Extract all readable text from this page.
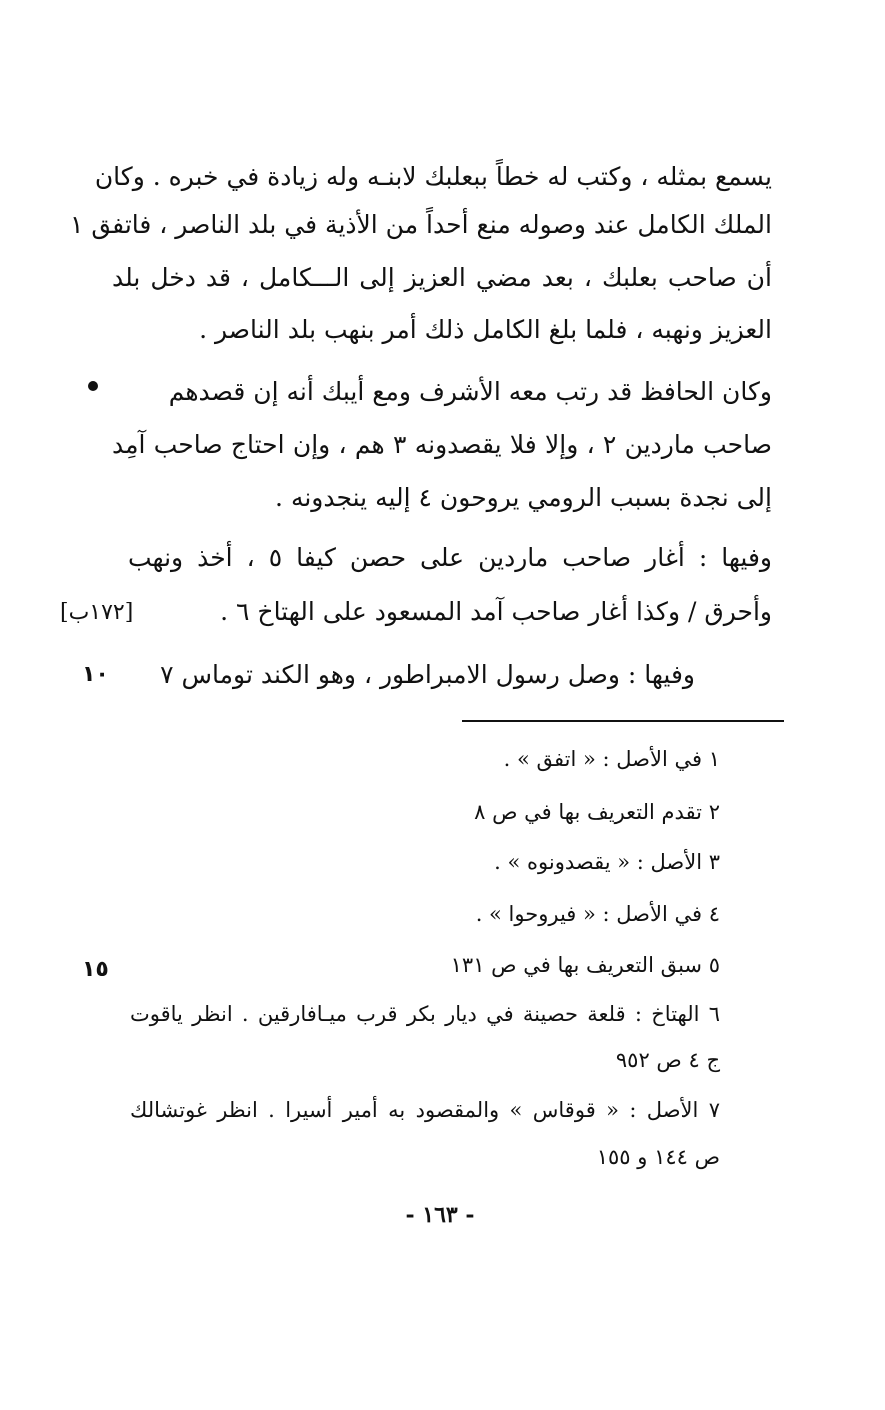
يسمع بمثله ، وكتب له خطاً ببعلبك لابنـه وله زيادة في خبره . وكان
الملك الكامل عند وصوله منع أحداً من الأذية في بلد الناصر ، فاتفق ١
أن صاحب بعلبك ، بعد مضي العزيز إلى الـــكامل ، قد دخل بلد
العزيز ونهبه ، فلما بلغ الكامل ذلك أمر بنهب بلد الناصر .
وكان الحافظ قد رتب معه الأشرف ومع أيبك أنه إن قصدهم
صاحب ماردين ٢ ، وإلا فلا يقصدونه ٣ هم ، وإن احتاج صاحب آمِد
إلى نجدة بسبب الرومي يروحون ٤ إليه ينجدونه .
وفيها : أغار صاحب ماردين على حصن كيفا ٥ ، أخذ ونهب
وأحرق / وكذا أغار صاحب آمد المسعود على الهتاخ ٦ .
[١٧٢ب]
وفيها : وصل رسول الامبراطور ، وهو الكند توماس ٧
١٠
١ في الأصل : « اتفق » .
٢ تقدم التعريف بها في ص ٨
٣ الأصل : « يقصدونوه » .
٤ في الأصل : « فيروحوا » .
٥ سبق التعريف بها في ص ١٣١
١٥
٦ الهتاخ : قلعة حصينة في ديار بكر قرب ميـافارقين . انظر ياقوت
ج ٤ ص ٩٥٢
٧ الأصل : « قوقاس » والمقصود به أمير أسيرا . انظر غوتشالك
ص ١٤٤ و ١٥٥
- ١٦٣ -
